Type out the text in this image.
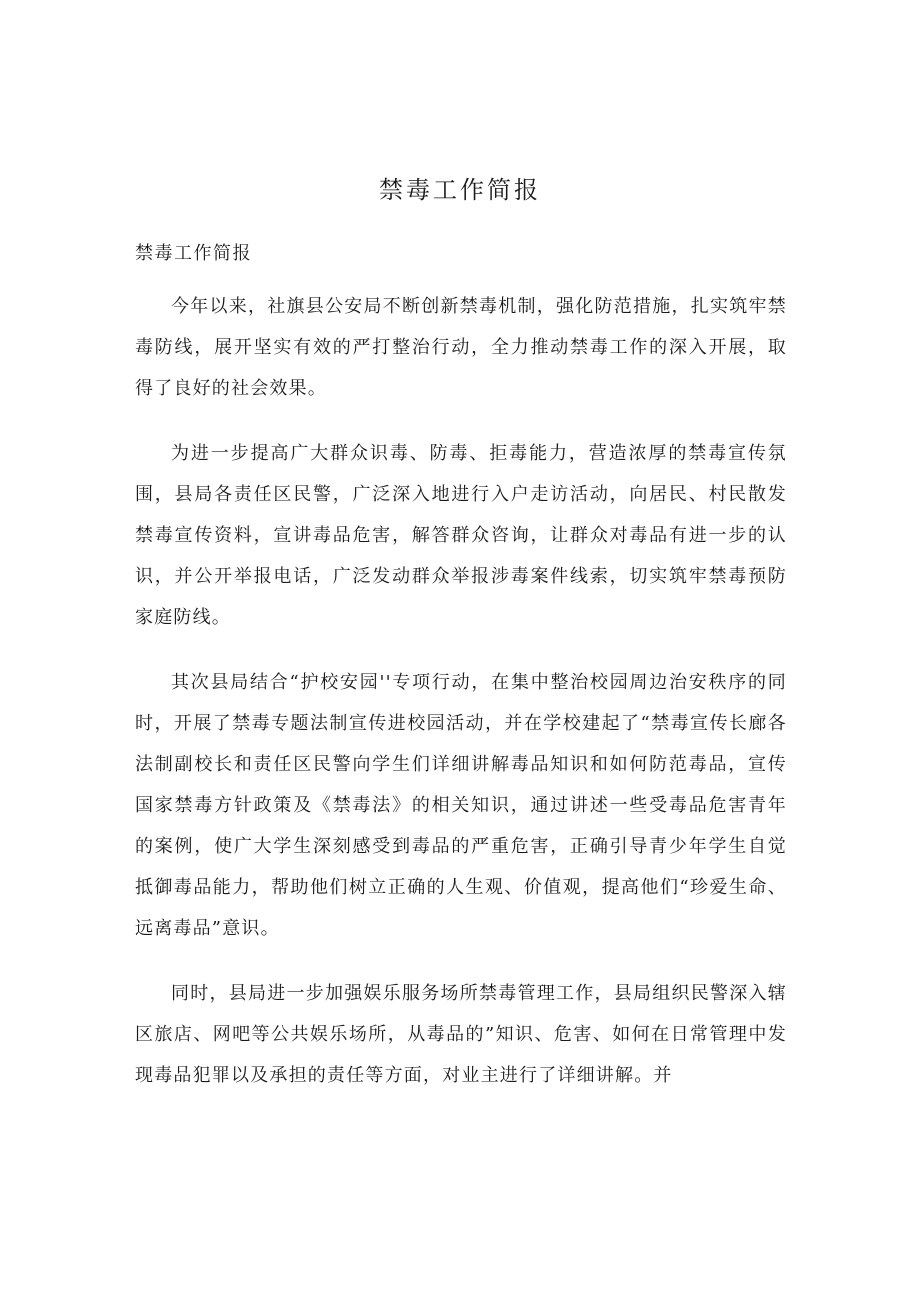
禁毒工作简报
禁毒工作简报

今年以来，社旗县公安局不断创新禁毒机制，强化防范措施，扎实筑牢禁毒防线，展开坚实有效的严打整治行动，全力推动禁毒工作的深入开展，取得了良好的社会效果。

为进一步提高广大群众识毒、防毒、拒毒能力，营造浓厚的禁毒宣传氛围，县局各责任区民警，广泛深入地进行入户走访活动，向居民、村民散发禁毒宣传资料，宣讲毒品危害，解答群众咨询，让群众对毒品有进一步的认识，并公开举报电话，广泛发动群众举报涉毒案件线索，切实筑牢禁毒预防家庭防线。

其次县局结合“护校安园''专项行动，在集中整治校园周边治安秩序的同时，开展了禁毒专题法制宣传进校园活动，并在学校建起了“禁毒宣传长廊各法制副校长和责任区民警向学生们详细讲解毒品知识和如何防范毒品，宣传国家禁毒方针政策及《禁毒法》的相关知识，通过讲述一些受毒品危害青年的案例，使广大学生深刻感受到毒品的严重危害，正确引导青少年学生自觉抵御毒品能力，帮助他们树立正确的人生观、价值观，提高他们“珍爱生命、远离毒品”意识。

同时，县局进一步加强娱乐服务场所禁毒管理工作，县局组织民警深入辖区旅店、网吧等公共娱乐场所，从毒品的”知识、危害、如何在日常管理中发现毒品犯罪以及承担的责任等方面，对业主进行了详细讲解。并
